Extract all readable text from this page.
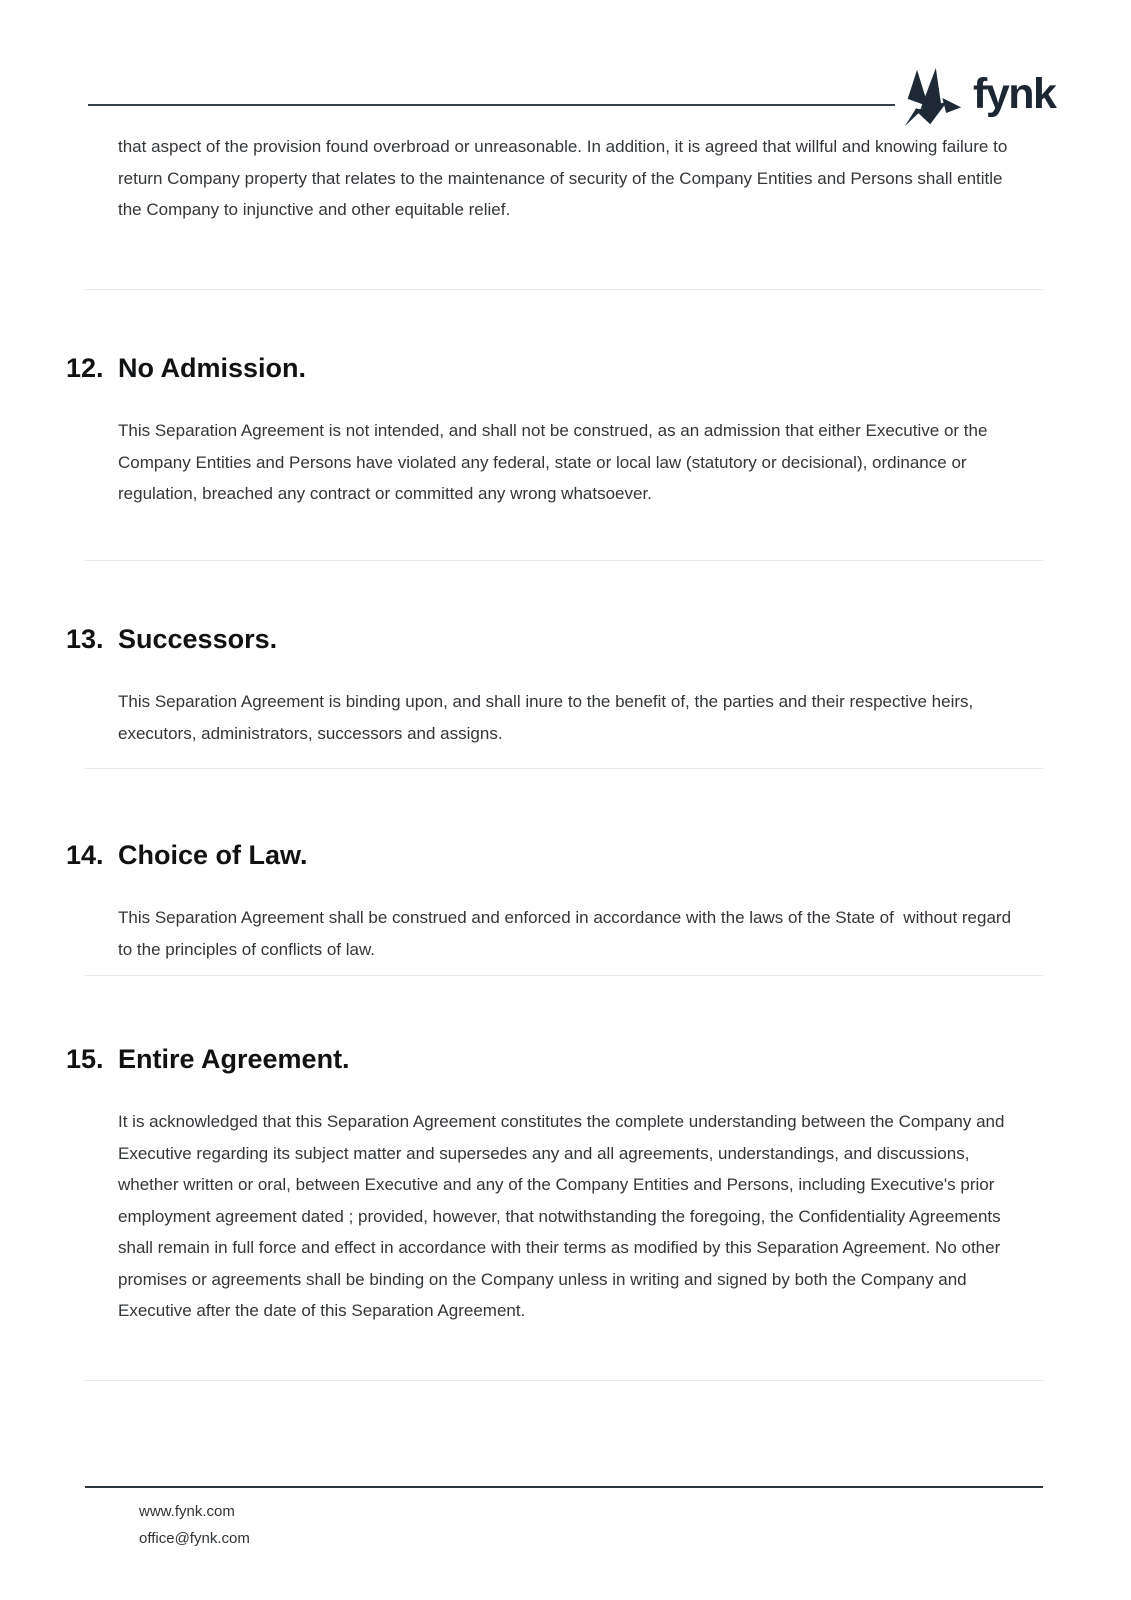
fynk

that aspect of the provision found overbroad or unreasonable. In addition, it is agreed that willful and knowing failure to return Company property that relates to the maintenance of security of the Company Entities and Persons shall entitle the Company to injunctive and other equitable relief.

12. No Admission.

This Separation Agreement is not intended, and shall not be construed, as an admission that either Executive or the Company Entities and Persons have violated any federal, state or local law (statutory or decisional), ordinance or regulation, breached any contract or committed any wrong whatsoever.

13. Successors.

This Separation Agreement is binding upon, and shall inure to the benefit of, the parties and their respective heirs, executors, administrators, successors and assigns.

14. Choice of Law.

This Separation Agreement shall be construed and enforced in accordance with the laws of the State of  without regard to the principles of conflicts of law.

15. Entire Agreement.

It is acknowledged that this Separation Agreement constitutes the complete understanding between the Company and Executive regarding its subject matter and supersedes any and all agreements, understandings, and discussions, whether written or oral, between Executive and any of the Company Entities and Persons, including Executive's prior employment agreement dated ; provided, however, that notwithstanding the foregoing, the Confidentiality Agreements shall remain in full force and effect in accordance with their terms as modified by this Separation Agreement. No other promises or agreements shall be binding on the Company unless in writing and signed by both the Company and Executive after the date of this Separation Agreement.

www.fynk.com
office@fynk.com
